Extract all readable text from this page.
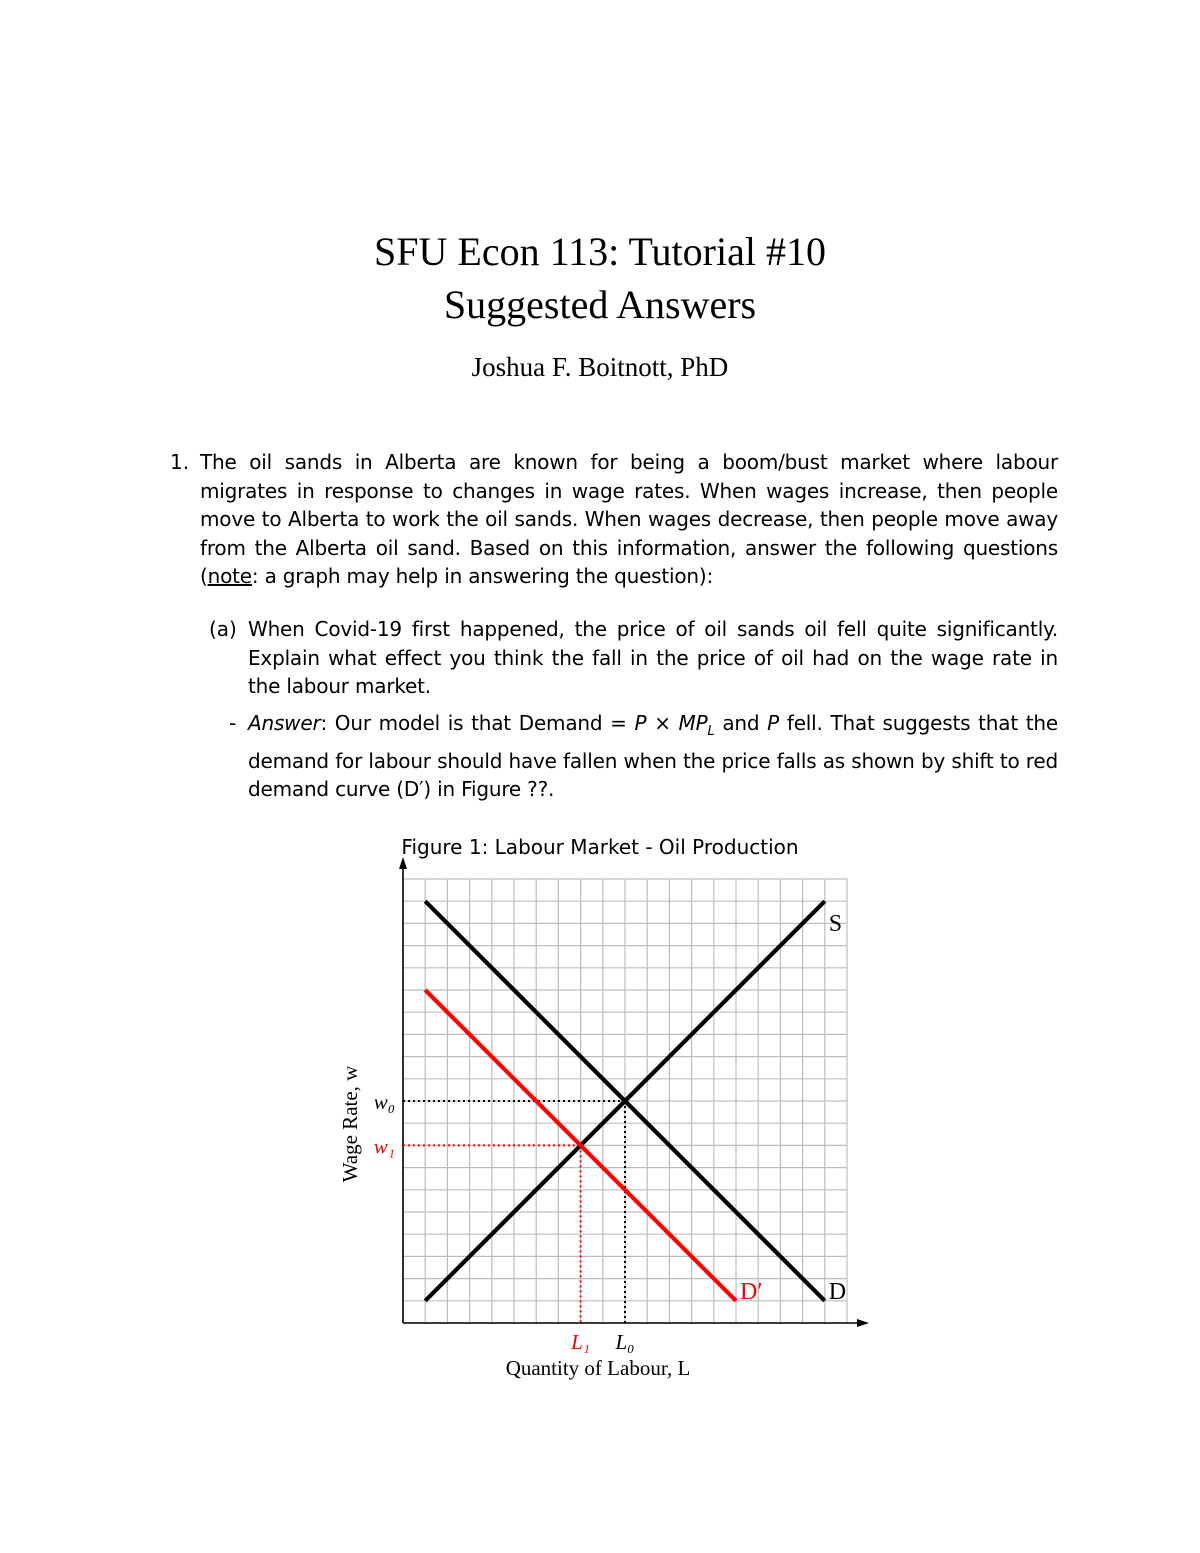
SFU Econ 113: Tutorial #10
Suggested Answers
Joshua F. Boitnott, PhD
1. The oil sands in Alberta are known for being a boom/bust market where labour migrates in response to changes in wage rates. When wages increase, then people move to Alberta to work the oil sands. When wages decrease, then people move away from the Alberta oil sand. Based on this information, answer the following questions (note: a graph may help in answering the question):
(a) When Covid-19 first happened, the price of oil sands oil fell quite significantly. Explain what effect you think the fall in the price of oil had on the wage rate in the labour market.
- Answer: Our model is that Demand = $P \times MP_L$ and P fell. That suggests that the demand for labour should have fallen when the price falls as shown by shift to red demand curve (D′) in Figure ??.
Figure 1: Labour Market - Oil Production
w₀
L₀
w₁
L₁
S
D
D′
Quantity of Labour, L
Wage Rate, w
